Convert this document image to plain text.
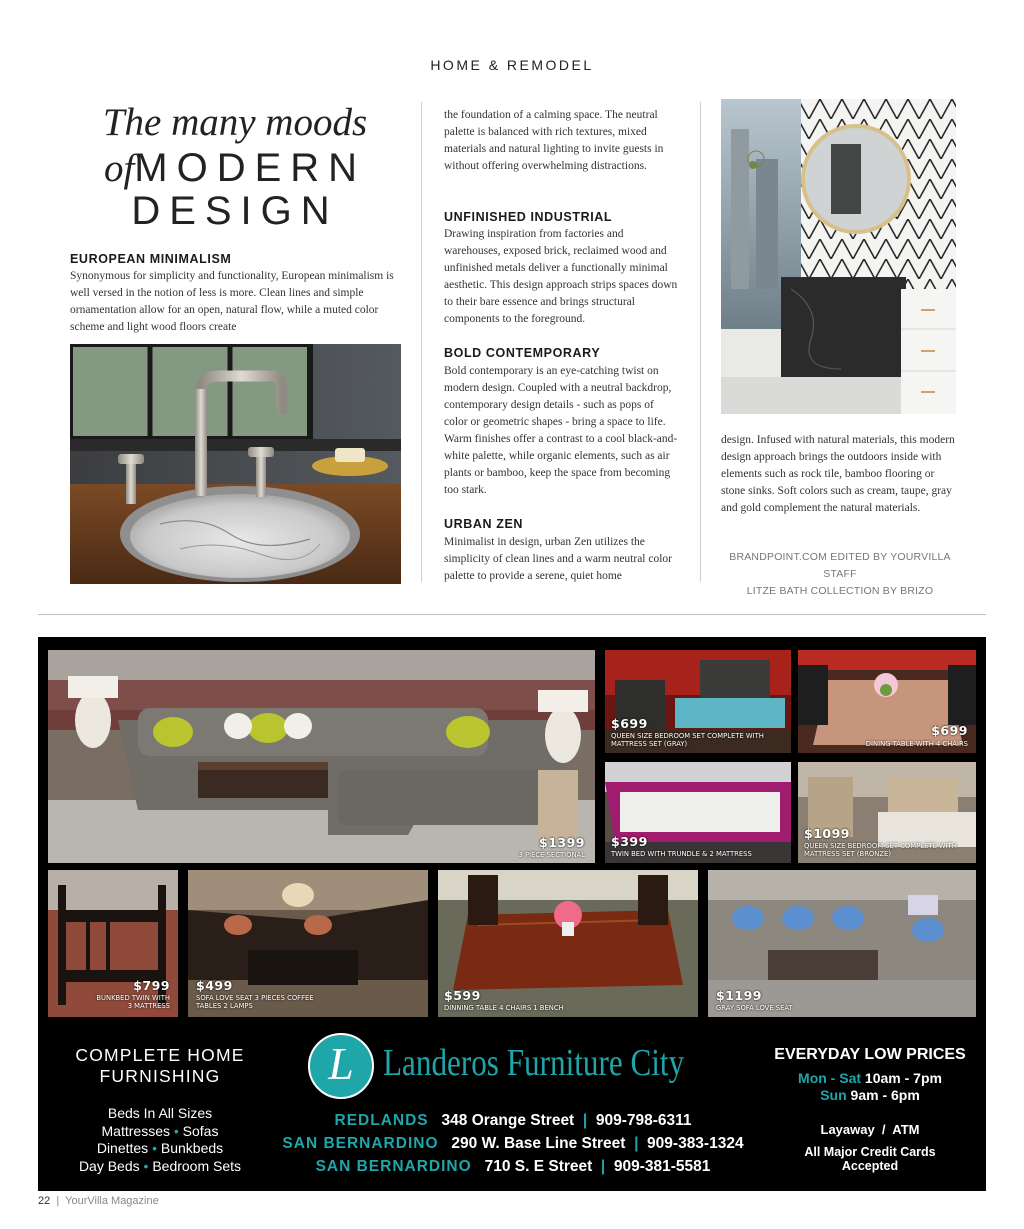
HOME & REMODEL
The many moods
ofMODERN
DESIGN
EUROPEAN MINIMALISM

Synonymous for simplicity and functionality, European minimalism is well versed in the notion of less is more. Clean lines and simple ornamentation allow for an open, natural flow, while a muted color scheme and light wood floors create

the foundation of a calming space. The neutral palette is balanced with rich textures, mixed materials and natural lighting to invite guests in without offering overwhelming distractions.

UNFINISHED INDUSTRIAL

Drawing inspiration from factories and warehouses, exposed brick, reclaimed wood and unfinished metals deliver a functionally minimal aesthetic. This design approach strips spaces down to their bare essence and brings structural components to the foreground.

BOLD CONTEMPORARY

Bold contemporary is an eye-catching twist on modern design. Coupled with a neutral backdrop, contemporary design details - such as pops of color or geometric shapes - bring a space to life. Warm finishes offer a contrast to a cool black-and-white palette, while organic elements, such as air plants or bamboo, keep the space from becoming too stark.

URBAN ZEN

Minimalist in design, urban Zen utilizes the simplicity of clean lines and a warm neutral color palette to provide a serene, quiet home

design. Infused with natural materials, this modern design approach brings the outdoors inside with elements such as rock tile, bamboo flooring or stone sinks. Soft colors such as cream, taupe, gray and gold complement the natural materials.

BRANDPOINT.COM EDITED BY YOURVILLA STAFF
LITZE BATH COLLECTION BY BRIZO
$1399
3 PIECE SECTIONAL
$699
QUEEN SIZE BEDROOM SET COMPLETE WITH MATTRESS SET (GRAY)
$699
DINING TABLE WITH 4 CHAIRS
$399
TWIN BED WITH TRUNDLE & 2 MATTRESS
$1099
QUEEN SIZE BEDROOM SET COMPLETE WITH MATTRESS SET (BRONZE)
$799
BUNKBED TWIN WITH 3 MATTRESS
$499
SOFA LOVE SEAT 3 PIECES COFFEE TABLES 2 LAMPS
$599
DINNING TABLE 4 CHAIRS 1 BENCH
$1199
GRAY SOFA LOVE SEAT
COMPLETE HOME
FURNISHING
Beds In All Sizes
Mattresses • Sofas
Dinettes • Bunkbeds
Day Beds • Bedroom Sets
L Landeros Furniture City
REDLANDS 348 Orange Street | 909-798-6311
SAN BERNARDINO 290 W. Base Line Street | 909-383-1324
SAN BERNARDINO 710 S. E Street | 909-381-5581
EVERYDAY LOW PRICES
Mon - Sat 10am - 7pm
Sun 9am - 6pm
Layaway  /  ATM
All Major Credit Cards
Accepted
22 | YourVilla Magazine
